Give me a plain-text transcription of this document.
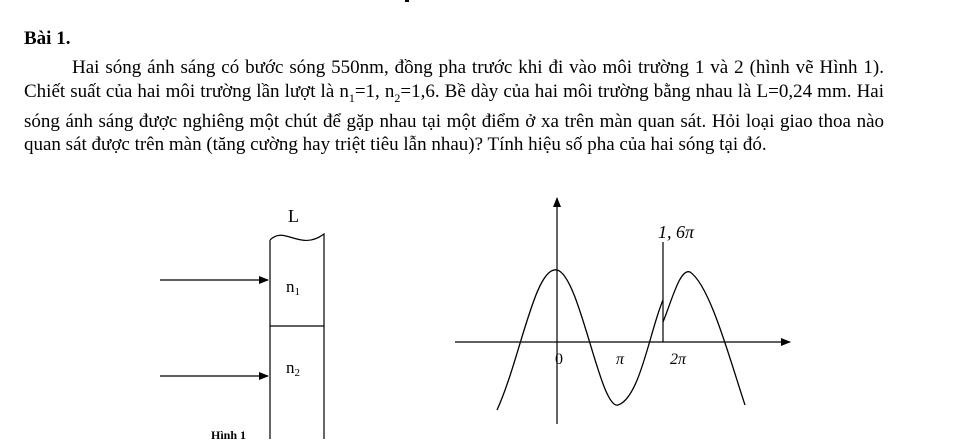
Bài 1.
Hai sóng ánh sáng có bước sóng 550nm, đồng pha trước khi đi vào môi trường 1 và 2 (hình vẽ Hình 1). Chiết suất của hai môi trường lần lượt là $n_1=1$, $n_2=1,6$. Bề dày của hai môi trường bằng nhau là L=0,24 mm. Hai sóng ánh sáng được nghiêng một chút để gặp nhau tại một điểm ở xa trên màn quan sát. Hỏi loại giao thoa nào quan sát được trên màn (tăng cường hay triệt tiêu lẫn nhau)? Tính hiệu số pha của hai sóng tại đó.
L
n1
n2
1, 6π
0	π	2π
Hình 1
